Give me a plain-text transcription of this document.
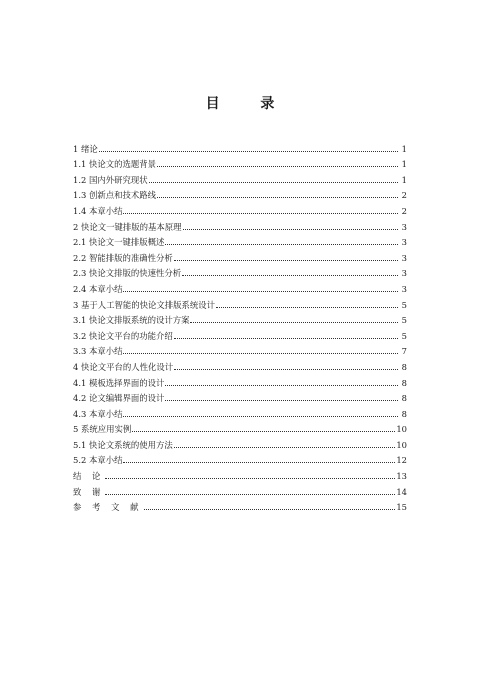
目 录
1 绪论	1
1.1 快论文的选题背景	1
1.2 国内外研究现状	1
1.3 创新点和技术路线	2
1.4 本章小结	2
2 快论文一键排版的基本原理	3
2.1 快论文一键排版概述	3
2.2 智能排版的准确性分析	3
2.3 快论文排版的快速性分析	3
2.4 本章小结	3
3 基于人工智能的快论文排版系统设计	5
3.1 快论文排版系统的设计方案	5
3.2 快论文平台的功能介绍	5
3.3 本章小结	7
4 快论文平台的人性化设计	8
4.1 模板选择界面的设计	8
4.2 论文编辑界面的设计	8
4.3 本章小结	8
5 系统应用实例	10
5.1 快论文系统的使用方法	10
5.2 本章小结	12
结 论	13
致 谢	14
参 考 文 献	15
